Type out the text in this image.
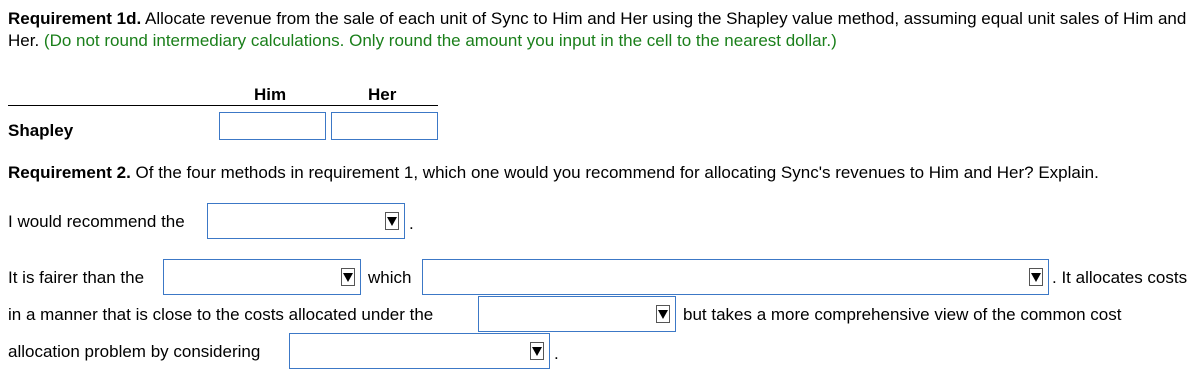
Requirement 1d. Allocate revenue from the sale of each unit of Sync to Him and Her using the Shapley value method, assuming equal unit sales of Him and Her. (Do not round intermediary calculations. Only round the amount you input in the cell to the nearest dollar.)
Him	Her
Shapley
Requirement 2. Of the four methods in requirement 1, which one would you recommend for allocating Sync's revenues to Him and Her? Explain.
I would recommend the	.
It is fairer than the	which	. It allocates costs
in a manner that is close to the costs allocated under the	but takes a more comprehensive view of the common cost
allocation problem by considering	.
